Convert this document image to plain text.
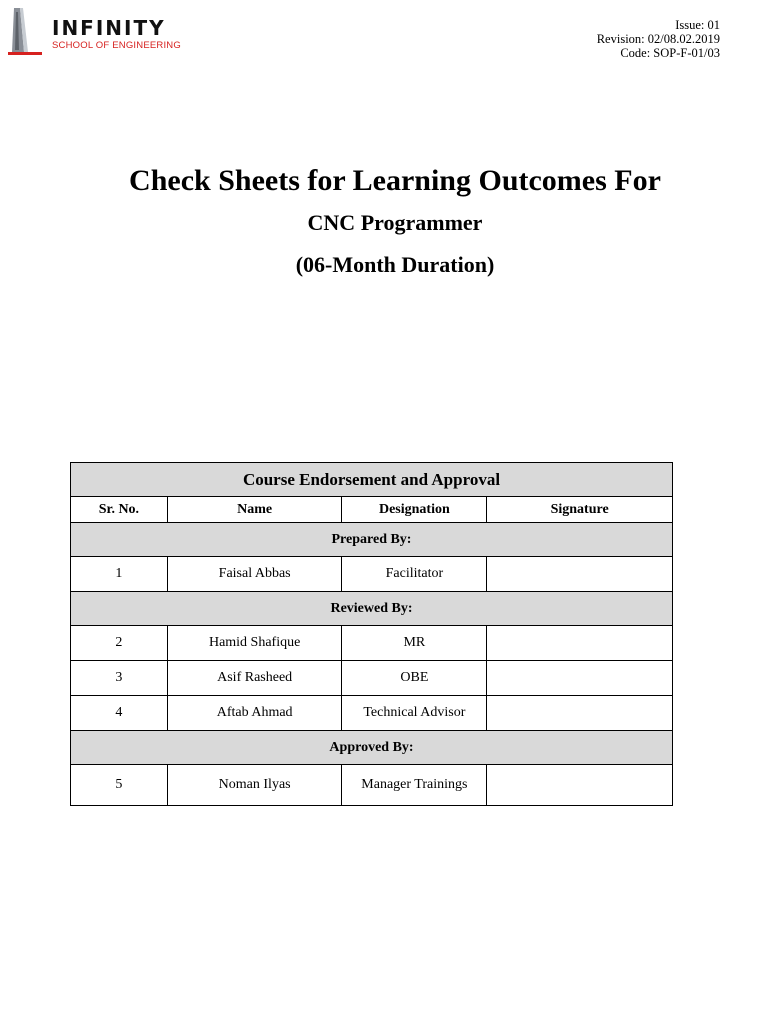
INFINITY
SCHOOL OF ENGINEERING
Issue: 01
Revision: 02/08.02.2019
Code: SOP-F-01/03
Check Sheets for Learning Outcomes For
CNC Programmer
(06-Month Duration)
Course Endorsement and Approval			
Sr. No.	Name	Designation	Signature
Prepared By:			
1	Faisal Abbas	Facilitator	
Reviewed By:			
2	Hamid Shafique	MR	
3	Asif Rasheed	OBE	
4	Aftab Ahmad	Technical Advisor	
Approved By:			
5	Noman Ilyas	Manager Trainings	
